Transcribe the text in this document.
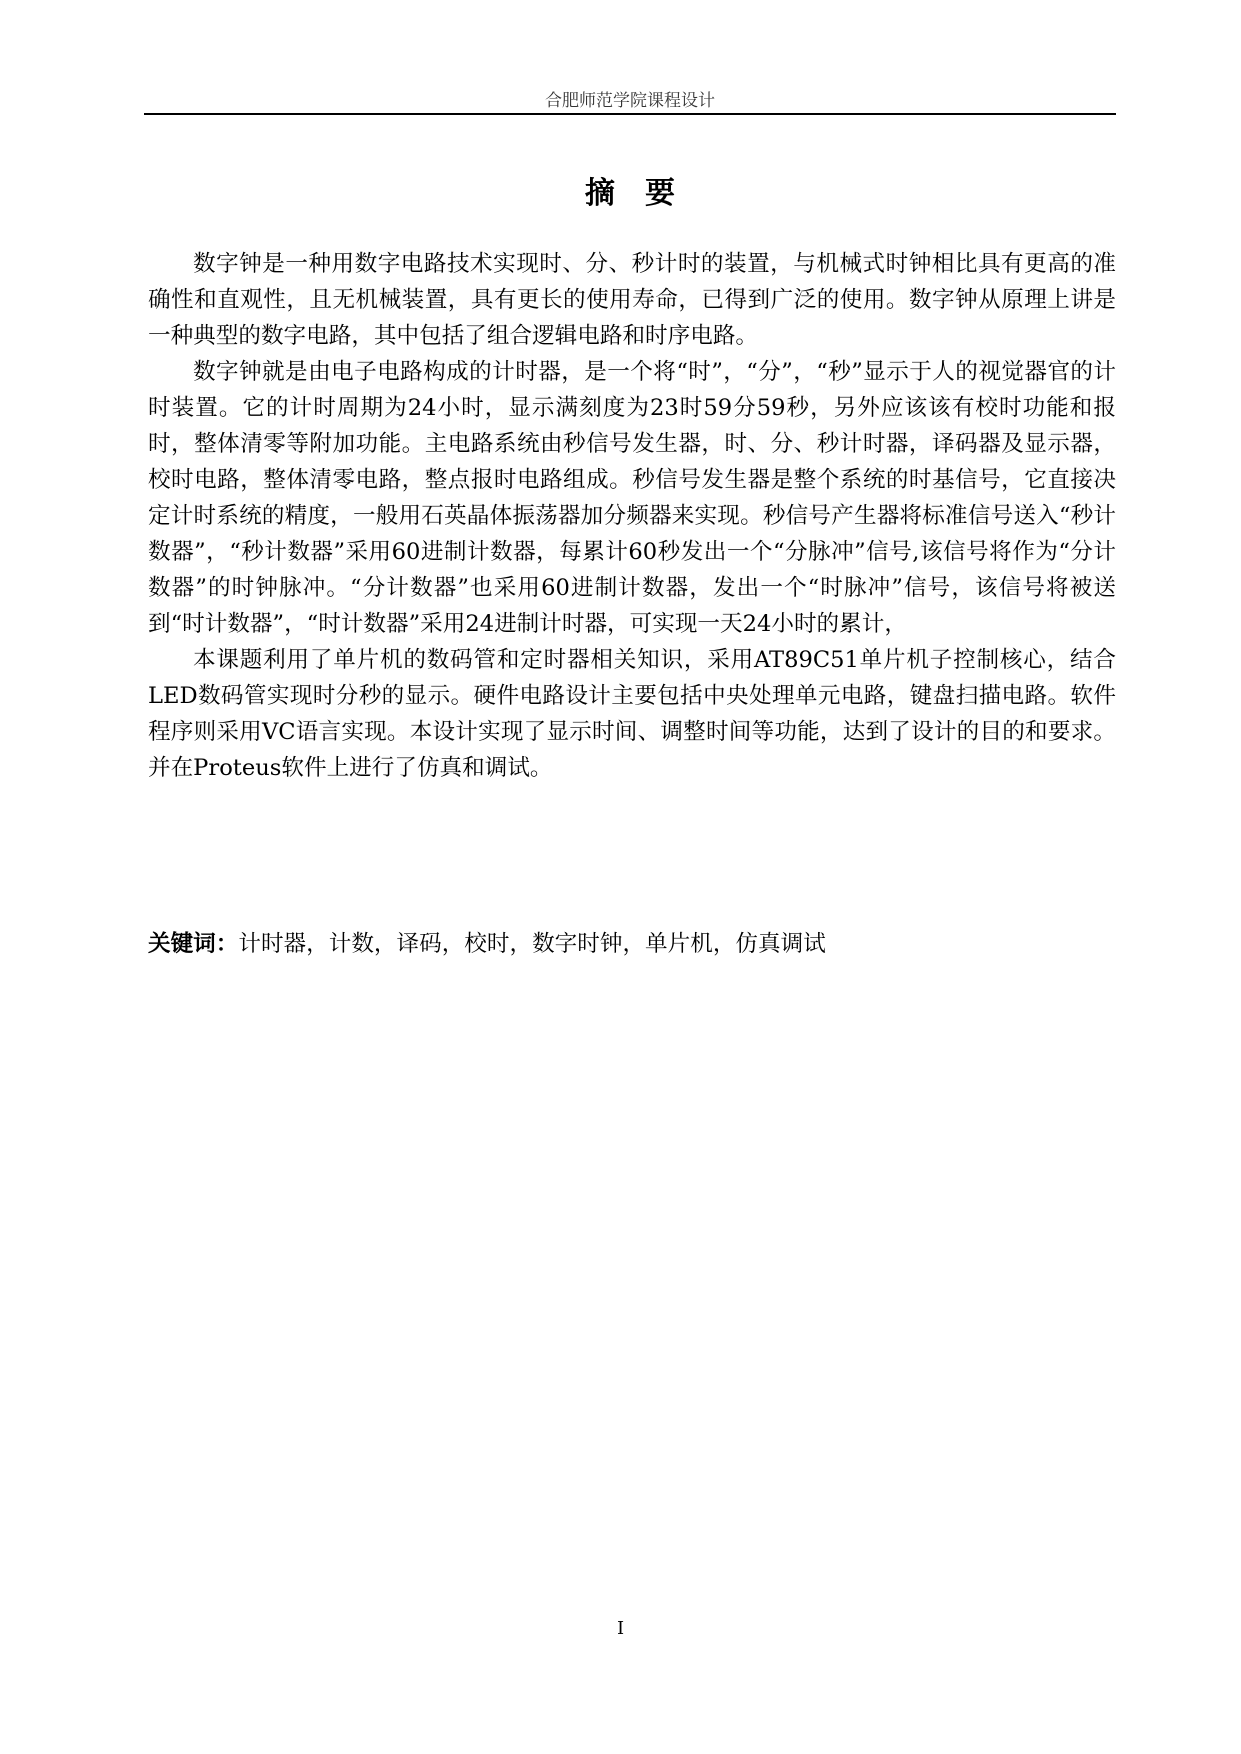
合肥师范学院课程设计
摘要

数字钟是一种用数字电路技术实现时、分、秒计时的装置，与机械式时钟相比具有更高的准确性和直观性，且无机械装置，具有更长的使用寿命，已得到广泛的使用。数字钟从原理上讲是一种典型的数字电路，其中包括了组合逻辑电路和时序电路。

数字钟就是由电子电路构成的计时器，是一个将“时”，“分”，“秒”显示于人的视觉器官的计时装置。它的计时周期为24小时，显示满刻度为23时59分59秒，另外应该该有校时功能和报时，整体清零等附加功能。主电路系统由秒信号发生器，时、分、秒计时器，译码器及显示器，校时电路，整体清零电路，整点报时电路组成。秒信号发生器是整个系统的时基信号，它直接决定计时系统的精度，一般用石英晶体振荡器加分频器来实现。秒信号产生器将标准信号送入“秒计数器”，“秒计数器”采用60进制计数器，每累计60秒发出一个“分脉冲”信号,该信号将作为“分计数器”的时钟脉冲。“分计数器”也采用60进制计数器，发出一个“时脉冲”信号，该信号将被送到“时计数器”，“时计数器”采用24进制计时器，可实现一天24小时的累计，

本课题利用了单片机的数码管和定时器相关知识，采用AT89C51单片机子控制核心，结合LED数码管实现时分秒的显示。硬件电路设计主要包括中央处理单元电路，键盘扫描电路。软件程序则采用VC语言实现。本设计实现了显示时间、调整时间等功能，达到了设计的目的和要求。并在Proteus软件上进行了仿真和调试。

关键词：计时器，计数，译码，校时，数字时钟，单片机，仿真调试
I
